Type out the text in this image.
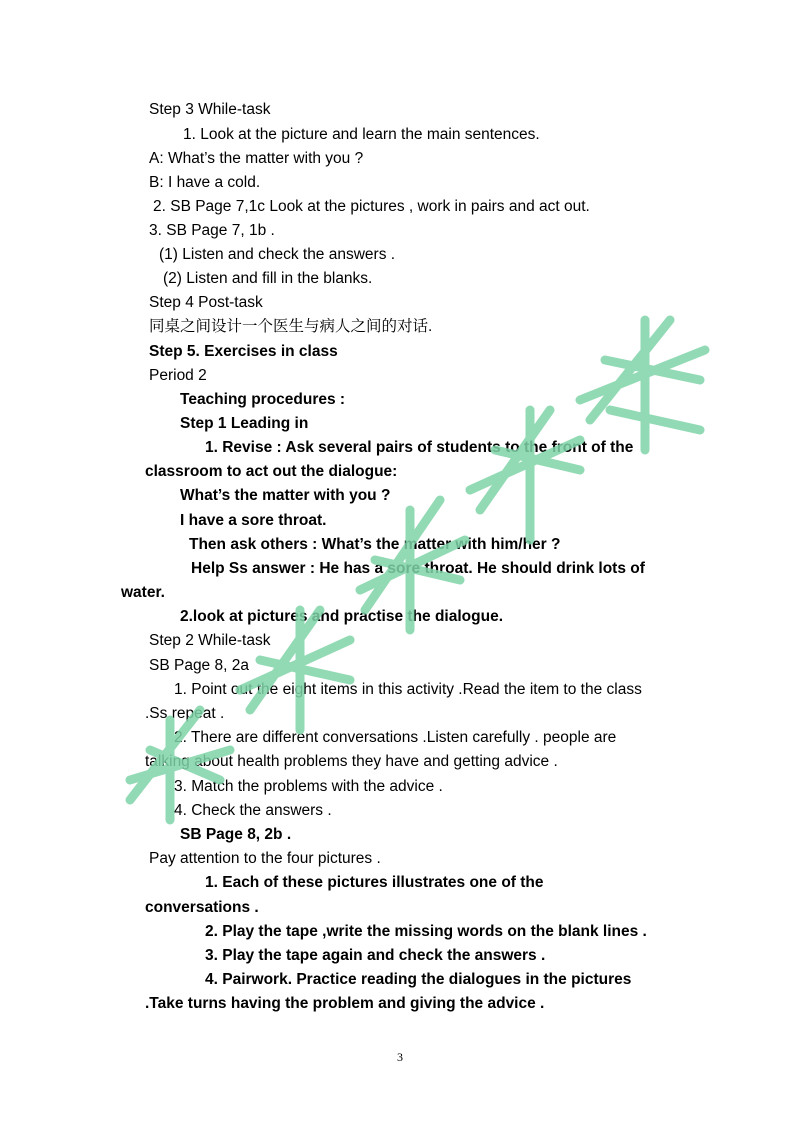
Step 3 While-task
1. Look at the picture and learn the main sentences.
A: What’s the matter with you ?
B: I have a cold.
2. SB Page 7,1c Look at the pictures , work in pairs and act out.
3. SB Page 7, 1b .
(1) Listen and check the answers .
(2) Listen and fill in the blanks.
Step 4 Post-task
同桌之间设计一个医生与病人之间的对话.
Step 5. Exercises in class
Period 2
Teaching procedures :
Step 1 Leading in
1. Revise : Ask several pairs of students to the front of the
classroom to act out the dialogue:
What’s the matter with you ?
I have a sore throat.
Then ask others : What’s the matter with him/her ?
Help Ss answer : He has a sore throat. He should drink lots of
water.
2.look at pictures and practise the dialogue.
Step 2 While-task
SB Page 8, 2a
1. Point out the eight items in this activity .Read the item to the class
.Ss repeat .
2. There are different conversations .Listen carefully . people are
talking about health problems they have and getting advice .
3. Match the problems with the advice .
4. Check the answers .
SB Page 8, 2b .
Pay attention to the four pictures .
1. Each of these pictures illustrates one of the
conversations .
2. Play the tape ,write the missing words on the blank lines .
3. Play the tape again and check the answers .
4. Pairwork. Practice reading the dialogues in the pictures
.Take turns having the problem and giving the advice .
3
